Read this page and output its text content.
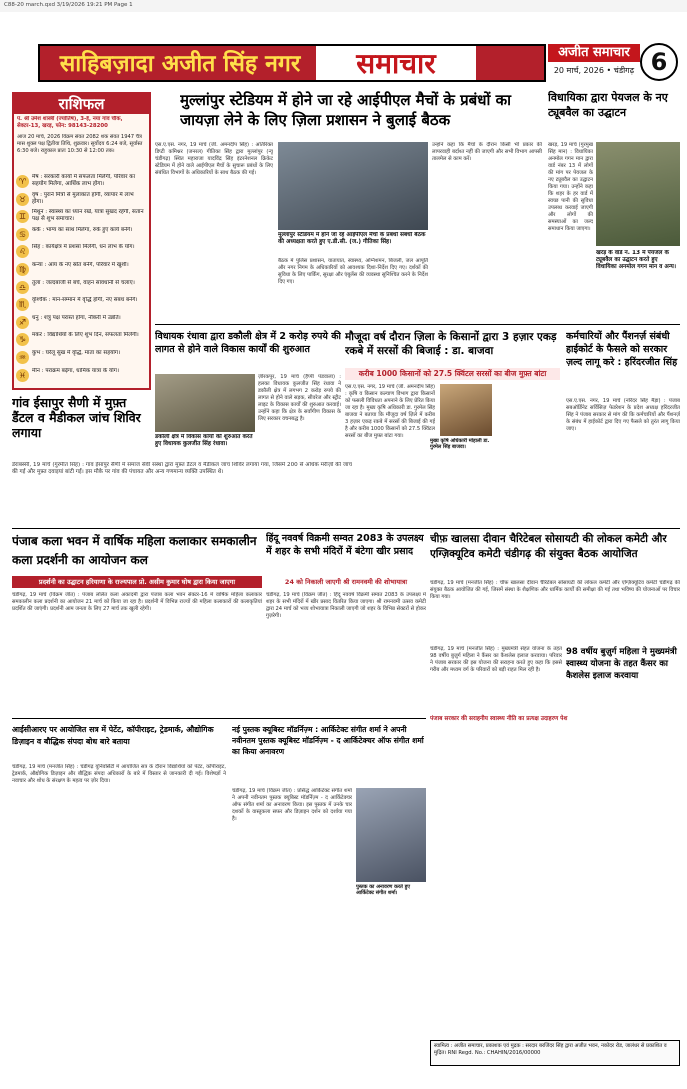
C88-20 march.qxd 3/19/2026 19:21 PM Page 1
साहिबज़ादा अजीत सिंह नगर	समाचार	अजीत समाचार
20 मार्च, 2026 • चंडीगढ़ 6
राशिफल
पं. श्री उमेश शास्त्री (ज्योतिष), 3-ई, नया गांव चौक, सेक्टर-13, खरड़, फोन: 98143-28200
आज 20 मार्च, 2026 विक्रम संवत 2082 शक संवत 1947 चैत्र मास शुक्ल पक्ष द्वितीया तिथि, शुक्रवार। सूर्योदय 6:24 बजे, सूर्यास्त 6:30 बजे। राहुकाल प्रातः 10:30 से 12:00 तक।
♈	मेष : सरकारी कार्यों में सफलता मिलेगी, परिवार का सहयोग मिलेगा, आर्थिक लाभ होगा।
♉	वृष : पुराने मित्रों से मुलाकात होगी, व्यापार में लाभ होगा।
♊	मिथुन : स्वास्थ्य का ध्यान रखें, यात्रा सुखद रहेगी, संतान पक्ष से शुभ समाचार।
♋	कर्क : भाग्य का साथ मिलेगा, रुके हुए कार्य बनेंगे।
♌	सिंह : कार्यक्षेत्र में प्रशंसा मिलेगी, धन लाभ के योग।
♍	कन्या : आय के नए स्रोत बनेंगे, परिवार में खुशी।
♎	तुला : जल्दबाजी से बचें, वाहन सावधानी से चलाएं।
♏	वृश्चिक : मान-सम्मान में वृद्धि होगी, नए संबंध बनेंगे।
♐	धनु : शत्रु पक्ष परास्त होगा, नौकरी में उन्नति।
♑	मकर : विद्यार्थियों के लिए शुभ दिन, सफलता मिलेगी।
♒	कुंभ : घरेलू सुख में वृद्धि, माता का सहयोग।
♓	मीन : पराक्रम बढ़ेगा, धार्मिक यात्रा के योग।
गांव ईसापुर सैणी में मुफ़्त डैंटल व मैडीकल जांच शिविर लगाया
डेराबस्सी, 19 मार्च (गुरमीत सिंह) : गांव ईसापुर सैणी में समाज सेवी संस्था द्वारा मुफ़्त डैंटल व मैडीकल जांच शिविर लगाया गया, जिसमें 200 से अधिक मरीज़ों की जांच की गई और मुफ़्त दवाइयां बांटी गईं। इस मौके पर गांव की पंचायत और अन्य गणमान्य व्यक्ति उपस्थित थे।
मुल्लांपुर स्टेडियम में होने जा रहे आईपीएल मैचों के प्रबंधों का जायज़ा लेने के लिए ज़िला प्रशासन ने बुलाई बैठक
मुल्लांपुर स्टेडियम में होने जा रहे आईपीएल मैचों के प्रबंधों संबंधी बैठक की अध्यक्षता करते हुए ए.डी.सी. (ज.) गीतिका सिंह।
एस.ए.एस. नगर, 19 मार्च (जी. अमनदीप सिंह) : अतिरिक्त डिप्टी कमिश्नर (जनरल) गीतिका सिंह द्वारा मुल्लांपुर (न्यू चंडीगढ़) स्थित महाराजा यादविंद्र सिंह इंटरनेशनल क्रिकेट स्टेडियम में होने वाले आईपीएल मैचों के सुचारू प्रबंधों के लिए संबंधित विभागों के अधिकारियों के साथ बैठक की गई।
बैठक में पुलिस प्रशासन, यातायात, स्वास्थ्य, अग्निशमन, बिजली, जल आपूर्ति और नगर निगम के अधिकारियों को आवश्यक दिशा-निर्देश दिए गए। दर्शकों की सुविधा के लिए पार्किंग, सुरक्षा और एंबुलेंस की व्यवस्था सुनिश्चित करने के निर्देश दिए गए।
उन्होंने कहा कि मैचों के दौरान किसी भी प्रकार की लापरवाही बर्दाश्त नहीं की जाएगी और सभी विभाग आपसी तालमेल से काम करें।
विधायिका द्वारा पेयजल के नए ट्यूबवैल का उद्घाटन
खरड़, 19 मार्च (गुरमुख सिंह मान) : विधायिका अनमोल गगन मान द्वारा वार्ड नंबर 13 में लोगों की मांग पर पेयजल के नए ट्यूबवैल का उद्घाटन किया गया। उन्होंने कहा कि शहर के हर वार्ड में स्वच्छ पानी की सुविधा उपलब्ध करवाई जाएगी और लोगों की समस्याओं का जल्द समाधान किया जाएगा।
खरड़ के वार्ड नं. 13 में पेयजल के ट्यूबवैल का उद्घाटन करते हुए विधायिका अनमोल गगन मान व अन्य।
विधायक रंधावा द्वारा डकौली क्षेत्र में 2 करोड़ रुपये की लागत से होने वाले विकास कार्यों की शुरुआत
डकौली क्षेत्र में विकास कार्यों की शुरुआत करते हुए विधायक कुलजीत सिंह रंधावा।
ज़ीरकपुर, 19 मार्च (हैप्पी पंडवाला) : हलका विधायक कुलजीत सिंह रंधावा ने डकौली क्षेत्र में लगभग 2 करोड़ रुपये की लागत से होने वाले सड़क, सीवरेज और स्ट्रीट लाइट के विकास कार्यों की शुरुआत करवाई। उन्होंने कहा कि क्षेत्र के सर्वांगीण विकास के लिए सरकार वचनबद्ध है।
मौजूदा वर्ष दौरान ज़िला के किसानों द्वारा 3 हज़ार एकड़ रकबे में सरसों की बिजाई : डा. बाजवा
करीब 1000 किसानों को 27.5 क्विंटल सरसों का बीज मुफ़्त बांटा
मुख्य कृषि अधिकारी मोहाली डा. गुरमेल सिंह बाजवा।
एस.ए.एस. नगर, 19 मार्च (जी. अमनदीप सिंह) : कृषि व किसान कल्याण विभाग द्वारा किसानों को फसली विविधता अपनाने के लिए प्रेरित किया जा रहा है। मुख्य कृषि अधिकारी डा. गुरमेल सिंह बाजवा ने बताया कि मौजूदा वर्ष ज़िले में करीब 3 हज़ार एकड़ रकबे में सरसों की बिजाई की गई है और करीब 1000 किसानों को 27.5 क्विंटल सरसों का बीज मुफ़्त बांटा गया।
कर्मचारियों और पैंशनर्ज़ संबंधी हाईकोर्ट के फैसले को सरकार ज़ल्द लागू करे : हरिंदरजीत सिंह
एस.ए.एस. नगर, 19 मार्च (नरिंदर सिंह मैड़ा) : पंजाब सबऑर्डिनेट सर्विसिज़ फेडरेशन के प्रदेश अध्यक्ष हरिंदरजीत सिंह ने पंजाब सरकार से मांग की कि कर्मचारियों और पैंशनर्ज़ के संबंध में हाईकोर्ट द्वारा दिए गए फैसले को तुरंत लागू किया जाए।
पंजाब कला भवन में वार्षिक महिला कलाकार समकालीन कला प्रदर्शनी का आयोजन कल
प्रदर्शनी का उद्घाटन हरियाणा के राज्यपाल प्रो. असीम कुमार घोष द्वारा किया जाएगा
चंडीगढ़, 19 मार्च (विक्रम जीत) : पंजाब ललित कला अकादमी द्वारा पंजाब कला भवन सेक्टर-16 में वार्षिक महिला कलाकार समकालीन कला प्रदर्शनी का आयोजन 21 मार्च को किया जा रहा है। प्रदर्शनी में विभिन्न राज्यों की महिला कलाकारों की कलाकृतियां प्रदर्शित की जाएंगी। प्रदर्शनी आम जनता के लिए 27 मार्च तक खुली रहेगी।
हिंदू नववर्ष विक्रमी सम्वत 2083 के उपलक्ष्य में शहर के सभी मंदिरों में बंटेगा खीर प्रसाद
24 को निकाली जाएगी श्री रामनवमी की शोभायात्रा
चंडीगढ़, 19 मार्च (विक्रम जीत) : हिंदू नववर्ष विक्रमी सम्वत 2083 के उपलक्ष्य में शहर के सभी मंदिरों में खीर प्रसाद वितरित किया जाएगा। श्री रामनवमी उत्सव कमेटी द्वारा 24 मार्च को भव्य शोभायात्रा निकाली जाएगी जो शहर के विभिन्न सेक्टरों से होकर गुज़रेगी।
चीफ़ खालसा दीवान चैरिटेबल सोसायटी की लोकल कमेटी और एग्ज़िक्यूटिव कमेटी चंडीगढ़ की संयुक्त बैठक आयोजित
चंडीगढ़, 19 मार्च (मनजीत सिंह) : चीफ़ खालसा दीवान चैरिटेबल सोसायटी की लोकल कमेटी और एग्ज़िक्यूटिव कमेटी चंडीगढ़ की संयुक्त बैठक आयोजित की गई, जिसमें संस्था के शैक्षणिक और धार्मिक कार्यों की समीक्षा की गई तथा भविष्य की योजनाओं पर विचार किया गया।
98 वर्षीय बुज़ुर्ग महिला ने मुख्यमंत्री स्वास्थ्य योजना के तहत कैंसर का कैशलेस इलाज करवाया
पंजाब सरकार की सराहनीय स्वास्थ्य नीति का प्रत्यक्ष उदाहरण पेश
चंडीगढ़, 19 मार्च (मनजीत सिंह) : मुख्यमंत्री सेहत योजना के तहत 98 वर्षीय बुज़ुर्ग महिला ने कैंसर का कैशलेस इलाज करवाया। परिवार ने पंजाब सरकार की इस योजना की सराहना करते हुए कहा कि इससे गरीब और मध्यम वर्ग के परिवारों को बड़ी राहत मिल रही है।
आईसीआरए पर आयोजित सत्र में पेटेंट, कॉपीराइट, ट्रेडमार्क, औद्योगिक डिज़ाइन व बौद्धिक संपदा बोध बारे बताया
चंडीगढ़, 19 मार्च (मनजीत सिंह) : चंडीगढ़ यूनिवर्सिटी में आयोजित सत्र के दौरान विद्यार्थियों को पेटेंट, कॉपीराइट, ट्रेडमार्क, औद्योगिक डिज़ाइन और बौद्धिक संपदा अधिकारों के बारे में विस्तार से जानकारी दी गई। विशेषज्ञों ने नवाचार और शोध के संरक्षण के महत्व पर ज़ोर दिया।
नई पुस्तक क्यूबिस्ट मॉडर्निज़्म : आर्किटेक्ट संगीत शर्मा ने अपनी नवीनतम पुस्तक क्यूबिस्ट मॉडर्निज़्म - द आर्किटेक्चर ऑफ संगीत शर्मा का किया अनावरण
चंडीगढ़, 19 मार्च (विक्रम जीत) : प्रसिद्ध आर्किटेक्ट संगीत शर्मा ने अपनी नवीनतम पुस्तक क्यूबिस्ट मॉडर्निज़्म - द आर्किटेक्चर ऑफ संगीत शर्मा का अनावरण किया। इस पुस्तक में उनके चार दशकों के वास्तुकला सफ़र और डिज़ाइन दर्शन को दर्शाया गया है।
पुस्तक का अनावरण करते हुए आर्किटेक्ट संगीत शर्मा।
स्वामित्व : अजीत समाचार, प्रकाशक एवं मुद्रक : सरदार बरजिंदर सिंह द्वारा अजीत भवन, नकोदर रोड, जालंधर से प्रकाशित व मुद्रित। RNI Regd. No.: CHAHIN/2016/00000
